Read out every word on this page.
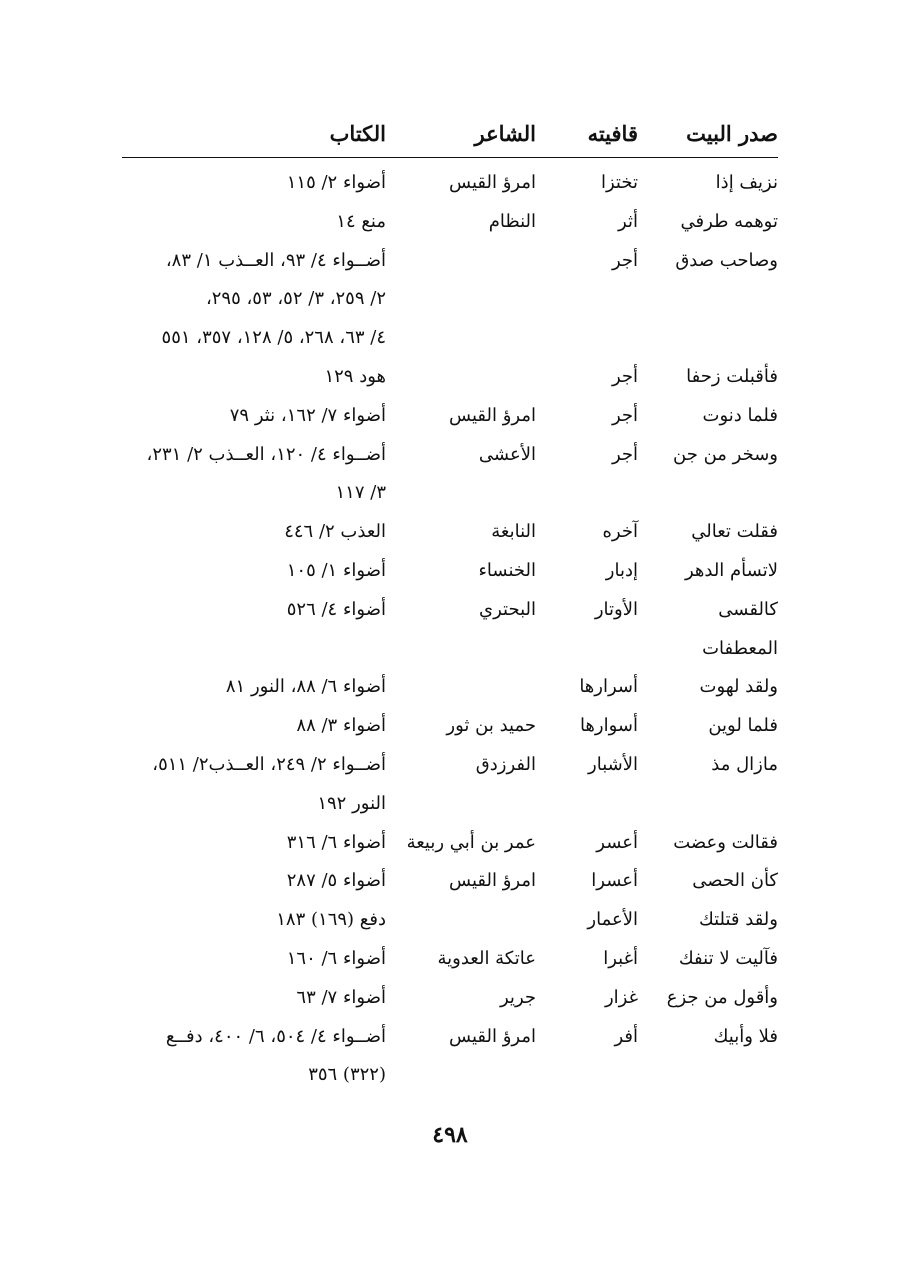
صدر البيت
قافيته
الشاعر
الكتاب
نزيف إذا
تختزا
امرؤ القيس
أضواء ٢/ ١١٥
توهمه طرفي
أثر
النظام
منع ١٤
وصاحب صدق
أجر
أضــواء ٤/ ٩٣، العــذب ١/ ٨٣،
٢/ ٢٥٩، ٣/ ٥٢، ٥٣، ٢٩٥،
٤/ ٦٣، ٢٦٨، ٥/ ١٢٨، ٣٥٧، ٥٥١
فأقبلت زحفا
أجر
هود ١٢٩
فلما دنوت
أجر
امرؤ القيس
أضواء ٧/ ١٦٢، نثر ٧٩
وسخر من جن
أجر
الأعشى
أضــواء ٤/ ١٢٠، العــذب ٢/ ٢٣١،
٣/ ١١٧
فقلت تعالي
آخره
النابغة
العذب ٢/ ٤٤٦
لاتسأم الدهر
إدبار
الخنساء
أضواء ١/ ١٠٥
كالقسى
الأوتار
البحتري
أضواء ٤/ ٥٢٦
المعطفات
ولقد لهوت
أسرارها
أضواء ٦/ ٨٨، النور ٨١
فلما لوين
أسوارها
حميد بن ثور
أضواء ٣/ ٨٨
مازال مذ
الأشبار
الفرزدق
أضــواء ٢/ ٢٤٩، العــذب٢/ ٥١١،
النور ١٩٢
فقالت وعضت
أعسر
عمر بن أبي ربيعة
أضواء ٦/ ٣١٦
كأن الحصى
أعسرا
امرؤ القيس
أضواء ٥/ ٢٨٧
ولقد قتلتك
الأعمار
دفع (١٦٩) ١٨٣
فآليت لا تنفك
أغبرا
عاتكة العدوية
أضواء ٦/ ١٦٠
وأقول من جزع
غزار
جرير
أضواء ٧/ ٦٣
فلا وأبيك
أفر
امرؤ القيس
أضــواء ٤/ ٥٠٤، ٦/ ٤٠٠، دفــع
(٣٢٢) ٣٥٦
٤٩٨
